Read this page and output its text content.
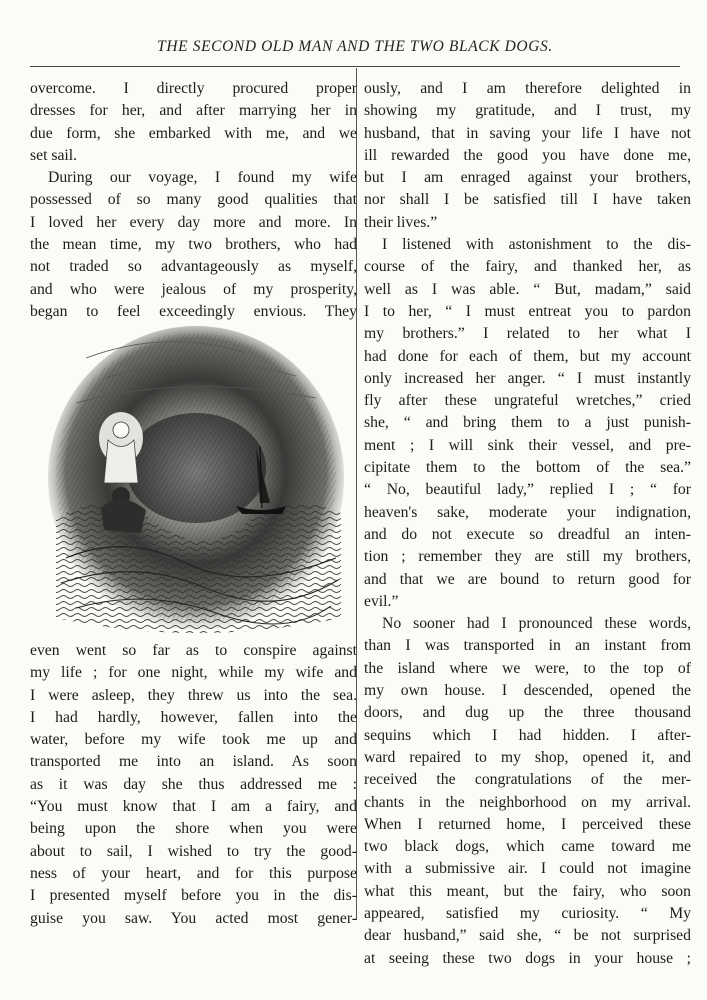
THE SECOND OLD MAN AND THE TWO BLACK DOGS.
overcome. I directly procured proper
dresses for her, and after marrying her in
due form, she embarked with me, and we
set sail.
During our voyage, I found my wife
possessed of so many good qualities that
I loved her every day more and more. In
the mean time, my two brothers, who had
not traded so advantageously as myself,
and who were jealous of my prosperity,
began to feel exceedingly envious. They
even went so far as to conspire against
my life ; for one night, while my wife and
I were asleep, they threw us into the sea.
I had hardly, however, fallen into the
water, before my wife took me up and
transported me into an island. As soon
as it was day she thus addressed me :
“You must know that I am a fairy, and
being upon the shore when you were
about to sail, I wished to try the good-
ness of your heart, and for this purpose
I presented myself before you in the dis-
guise you saw. You acted most gener-
ously, and I am therefore delighted in
showing my gratitude, and I trust, my
husband, that in saving your life I have not
ill rewarded the good you have done me,
but I am enraged against your brothers,
nor shall I be satisfied till I have taken
their lives.”
I listened with astonishment to the dis-
course of the fairy, and thanked her, as
well as I was able. “ But, madam,” said
I to her, “ I must entreat you to pardon
my brothers.” I related to her what I
had done for each of them, but my account
only increased her anger. “ I must instantly
fly after these ungrateful wretches,” cried
she, “ and bring them to a just punish-
ment ; I will sink their vessel, and pre-
cipitate them to the bottom of the sea.”
“ No, beautiful lady,” replied I ; “ for
heaven's sake, moderate your indignation,
and do not execute so dreadful an inten-
tion ; remember they are still my brothers,
and that we are bound to return good for
evil.”
No sooner had I pronounced these words,
than I was transported in an instant from
the island where we were, to the top of
my own house. I descended, opened the
doors, and dug up the three thousand
sequins which I had hidden. I after-
ward repaired to my shop, opened it, and
received the congratulations of the mer-
chants in the neighborhood on my arrival.
When I returned home, I perceived these
two black dogs, which came toward me
with a submissive air. I could not imagine
what this meant, but the fairy, who soon
appeared, satisfied my curiosity. “ My
dear husband,” said she, “ be not surprised
at seeing these two dogs in your house ;
